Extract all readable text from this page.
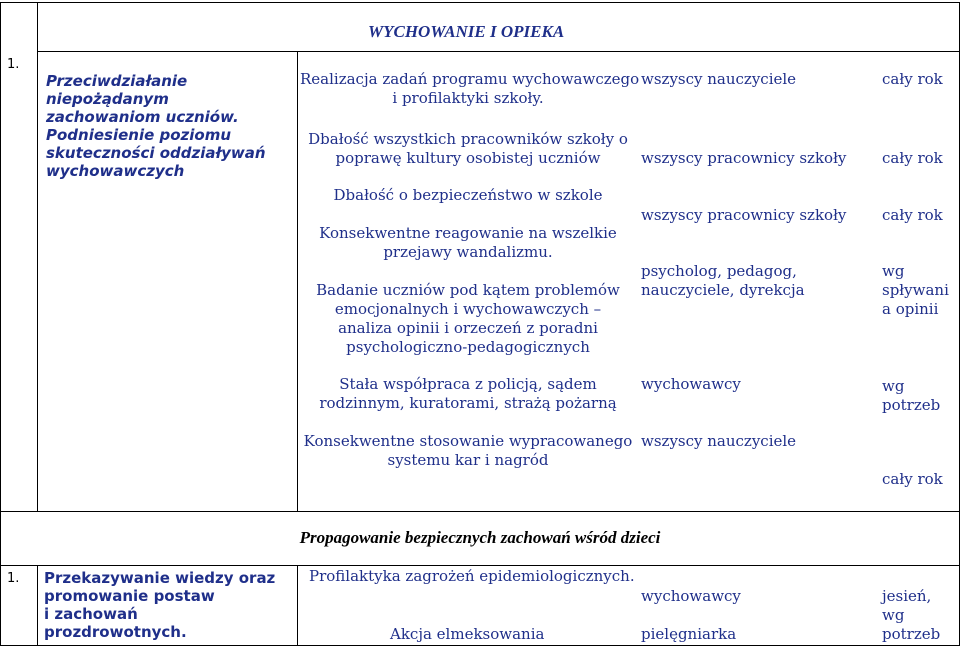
WYCHOWANIE I OPIEKA
1.
Przeciwdziałanie
niepożądanym
zachowaniom uczniów.
Podniesienie poziomu
skuteczności oddziaływań
wychowawczych
Realizacja zadań programu wychowawczego
i profilaktyki szkoły.
Dbałość wszystkich pracowników szkoły o
poprawę kultury osobistej uczniów
Dbałość o bezpieczeństwo w szkole
Konsekwentne reagowanie na wszelkie
przejawy wandalizmu.
Badanie uczniów pod kątem problemów
emocjonalnych i wychowawczych –
analiza opinii i orzeczeń z poradni
psychologiczno-pedagogicznych
Stała współpraca z policją, sądem
rodzinnym, kuratorami, strażą pożarną
Konsekwentne stosowanie wypracowanego
systemu kar i nagród
wszyscy nauczyciele
wszyscy pracownicy szkoły
wszyscy pracownicy szkoły
psycholog, pedagog,
nauczyciele, dyrekcja
wychowawcy
wszyscy nauczyciele
cały rok
cały rok
cały rok
wg
spływani
a opinii
wg
potrzeb
cały rok
Propagowanie bezpiecznych zachowań wśród dzieci
1. Przekazywanie wiedzy oraz
promowanie postaw
i zachowań
prozdrowotnych.
Profilaktyka zagrożeń epidemiologicznych.
Akcja elmeksowania
wychowawcy
pielęgniarka
jesień,
wg
potrzeb
